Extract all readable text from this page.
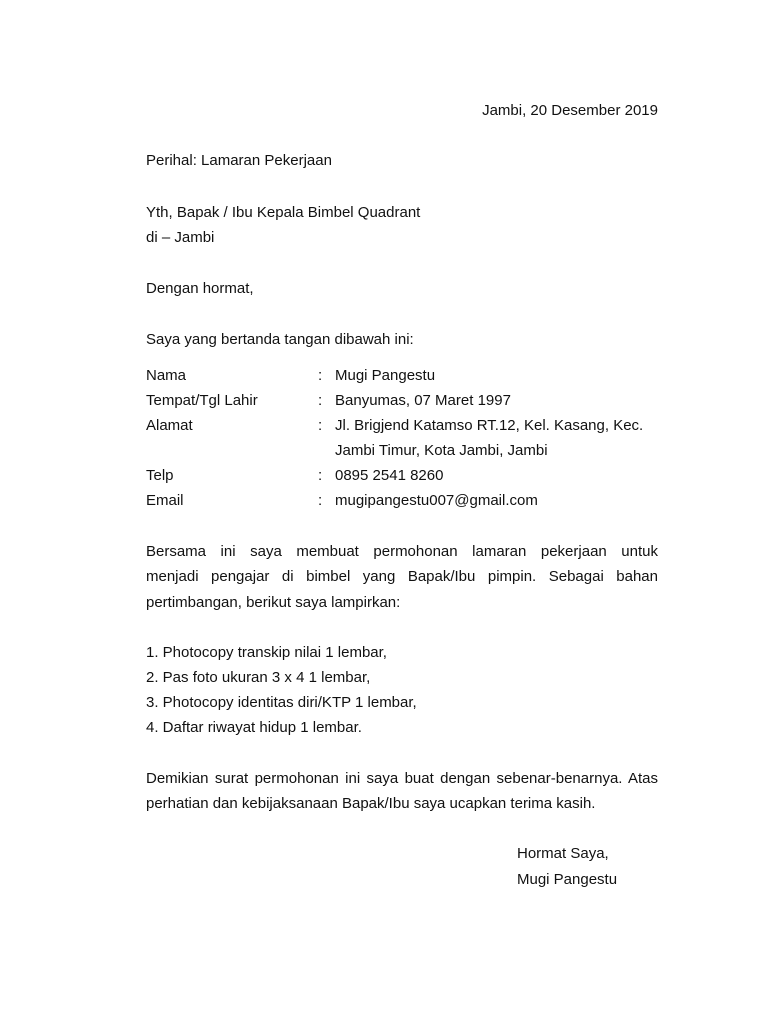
Jambi, 20 Desember 2019
Perihal: Lamaran Pekerjaan
Yth, Bapak / Ibu Kepala Bimbel Quadrant
di – Jambi
Dengan hormat,
Saya yang bertanda tangan dibawah ini:
Nama	: Mugi Pangestu
Tempat/Tgl Lahir	: Banyumas, 07 Maret 1997
Alamat	: Jl. Brigjend Katamso RT.12, Kel. Kasang, Kec.
Jambi Timur, Kota Jambi, Jambi
Telp	: 0895 2541 8260
Email	: mugipangestu007@gmail.com
Bersama ini saya membuat permohonan lamaran pekerjaan untuk
menjadi pengajar di bimbel yang Bapak/Ibu pimpin. Sebagai bahan
pertimbangan, berikut saya lampirkan:
1. Photocopy transkip nilai 1 lembar,
2. Pas foto ukuran 3 x 4 1 lembar,
3. Photocopy identitas diri/KTP 1 lembar,
4. Daftar riwayat hidup 1 lembar.
Demikian surat permohonan ini saya buat dengan sebenar-benarnya. Atas
perhatian dan kebijaksanaan Bapak/Ibu saya ucapkan terima kasih.
Hormat Saya,
Mugi Pangestu
